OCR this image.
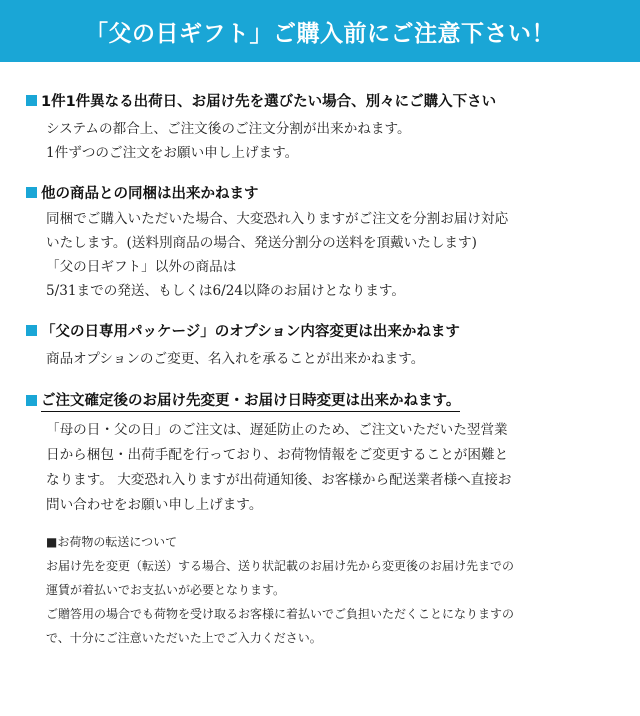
「父の日ギフト」ご購入前にご注意下さい！
1件1件異なる出荷日、お届け先を選びたい場合、別々にご購入下さい

システムの都合上、ご注文後のご注文分割が出来かねます。

1件ずつのご注文をお願い申し上げます。

他の商品との同梱は出来かねます

同梱でご購入いただいた場合、大変恐れ入りますがご注文を分割お届け対応

いたします。(送料別商品の場合、発送分割分の送料を頂戴いたします)

「父の日ギフト」以外の商品は

5/31までの発送、もしくは6/24以降のお届けとなります。

「父の日専用パッケージ」のオプション内容変更は出来かねます

商品オプションのご変更、名入れを承ることが出来かねます。

ご注文確定後のお届け先変更・お届け日時変更は出来かねます。

「母の日・父の日」のご注文は、遅延防止のため、ご注文いただいた翌営業

日から梱包・出荷手配を行っており、お荷物情報をご変更することが困難と

なります。 大変恐れ入りますが出荷通知後、お客様から配送業者様へ直接お

問い合わせをお願い申し上げます。

■お荷物の転送について

お届け先を変更（転送）する場合、送り状記載のお届け先から変更後のお届け先までの

運賃が着払いでお支払いが必要となります。

ご贈答用の場合でも荷物を受け取るお客様に着払いでご負担いただくことになりますの

で、十分にご注意いただいた上でご入力ください。
